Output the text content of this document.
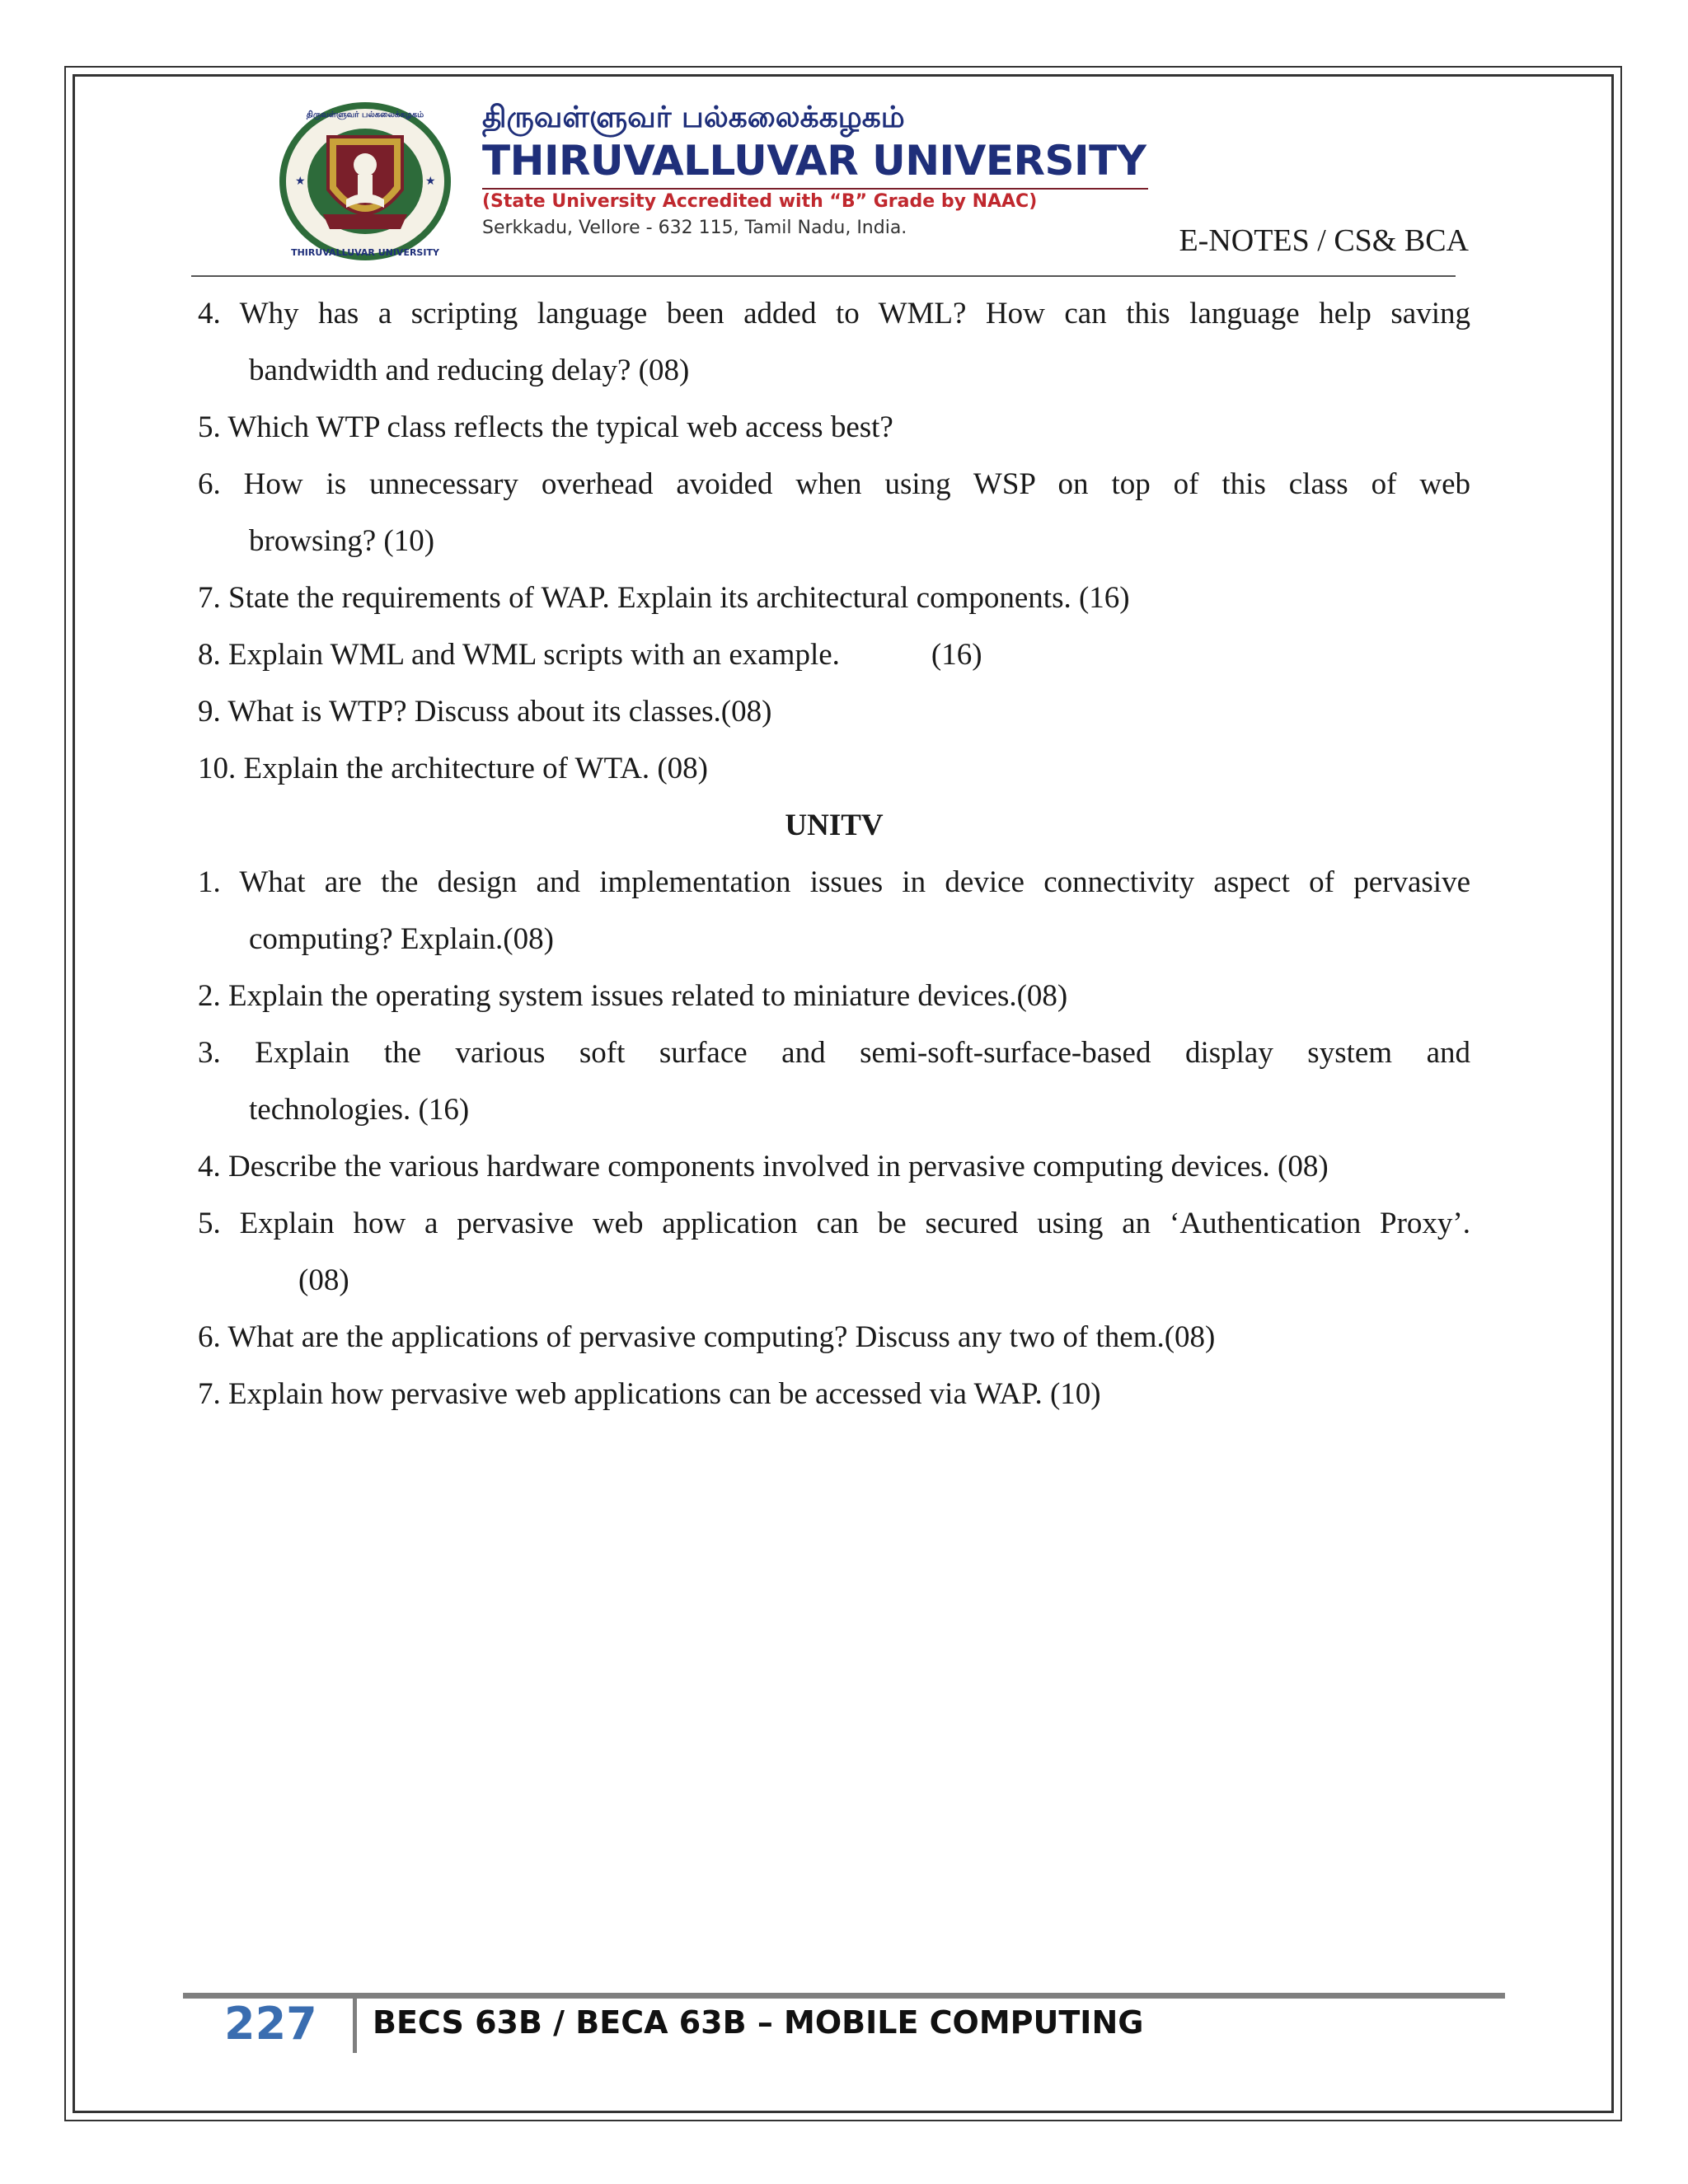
திருவள்ளுவர் பல்கலைக்கழகம்
THIRUVALLUVAR UNIVERSITY
★	★
திருவள்ளுவர் பல்கலைக்கழகம்
THIRUVALLUVAR UNIVERSITY
(State University Accredited with “B” Grade by NAAC)
Serkkadu, Vellore - 632 115, Tamil Nadu, India.	E-NOTES / CS& BCA

4. Why has a scripting language been added to WML? How can this language help saving

bandwidth and reducing delay? (08)

5. Which WTP class reflects the typical web access best?

6. How is unnecessary overhead avoided when using WSP on top of this class of web

browsing? (10)

7. State the requirements of WAP. Explain its architectural components. (16)

8. Explain WML and WML scripts with an example.            (16)

9. What is WTP? Discuss about its classes.(08)

10. Explain the architecture of WTA. (08)

UNITV

1. What are the design and implementation issues in device connectivity aspect of pervasive

computing? Explain.(08)

2. Explain the operating system issues related to miniature devices.(08)

3. Explain the various soft surface and semi-soft-surface-based display system and

technologies. (16)

4. Describe the various hardware components involved in pervasive computing devices. (08)

5. Explain how a pervasive web application can be secured using an ‘Authentication Proxy’.

(08)

6. What are the applications of pervasive computing? Discuss any two of them.(08)

7. Explain how pervasive web applications can be accessed via WAP. (10)

227 BECS 63B / BECA 63B – MOBILE COMPUTING
